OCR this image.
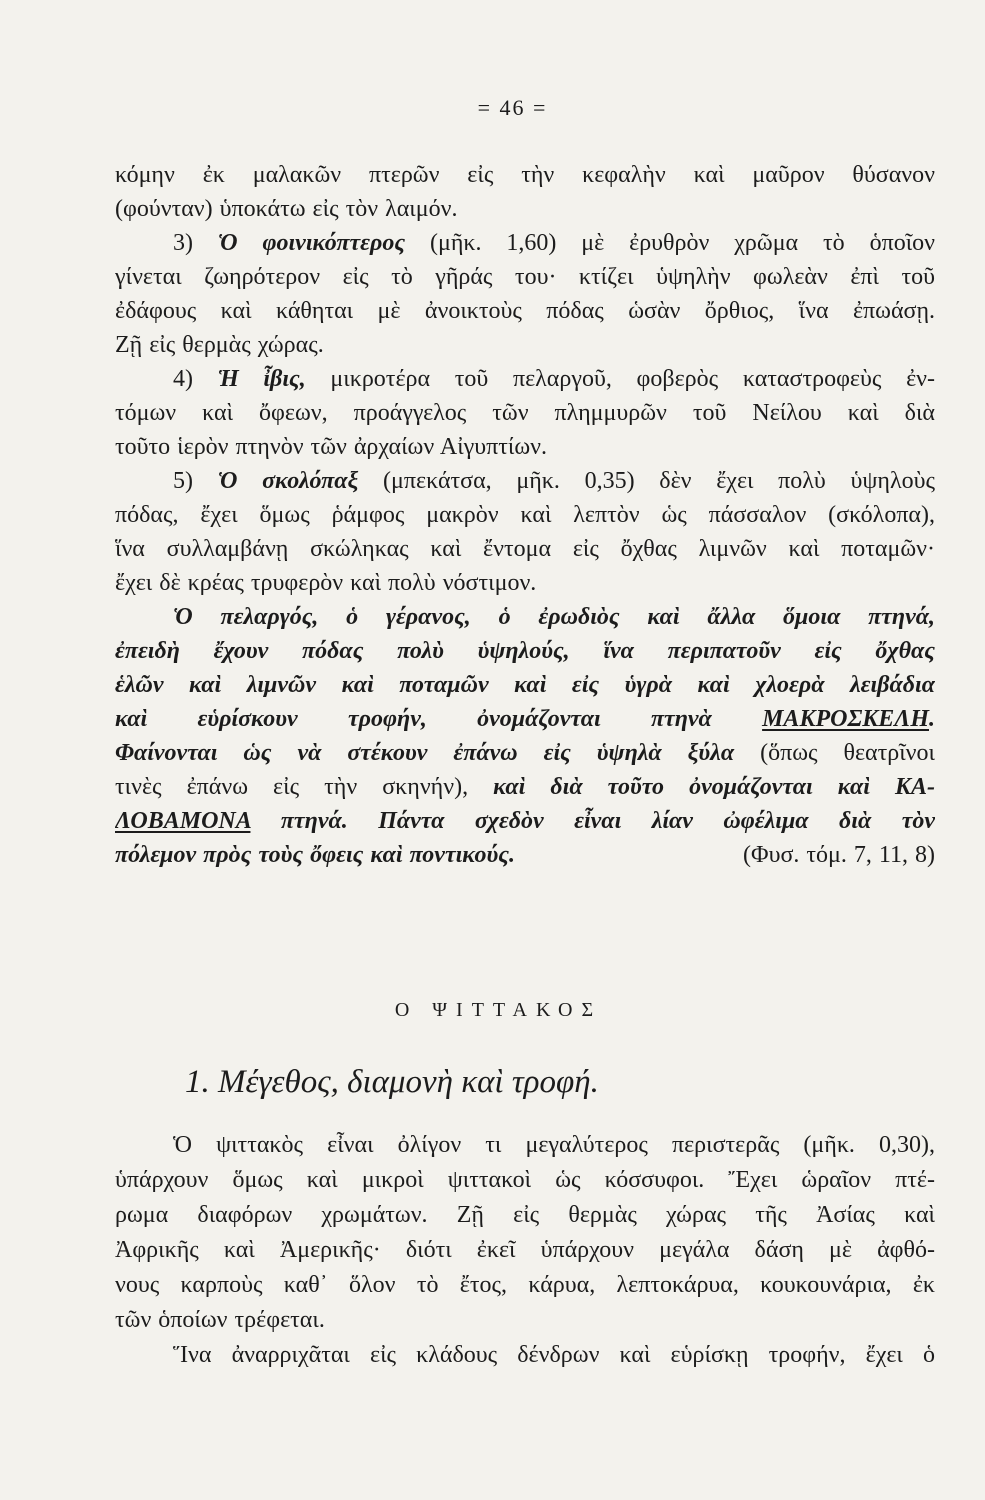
= 46 =
κόμην ἐκ μαλακῶν πτερῶν εἰς τὴν κεφαλὴν καὶ μαῦρον θύσανον
(φούνταν) ὑποκάτω εἰς τὸν λαιμόν.
3) Ὁ φοινικόπτερος (μῆκ. 1,60) μὲ ἐρυθρὸν χρῶμα τὸ ὁποῖον
γίνεται ζωηρότερον εἰς τὸ γῆράς του· κτίζει ὑψηλὴν φωλεὰν ἐπὶ τοῦ
ἐδάφους καὶ κάθηται μὲ ἀνοικτοὺς πόδας ὡσὰν ὄρθιος, ἵνα ἐπωάσῃ.
Ζῇ εἰς θερμὰς χώρας.
4) Ἡ ἶβις, μικροτέρα τοῦ πελαργοῦ, φοβερὸς καταστροφεὺς ἐν-
τόμων καὶ ὄφεων, προάγγελος τῶν πλημμυρῶν τοῦ Νείλου καὶ διὰ
τοῦτο ἱερὸν πτηνὸν τῶν ἀρχαίων Αἰγυπτίων.
5) Ὁ σκολόπαξ (μπεκάτσα, μῆκ. 0,35) δὲν ἔχει πολὺ ὑψηλοὺς
πόδας, ἔχει ὅμως ῥάμφος μακρὸν καὶ λεπτὸν ὡς πάσσαλον (σκόλοπα),
ἵνα συλλαμβάνῃ σκώληκας καὶ ἔντομα εἰς ὄχθας λιμνῶν καὶ ποταμῶν·
ἔχει δὲ κρέας τρυφερὸν καὶ πολὺ νόστιμον.
Ὁ πελαργός, ὁ γέρανος, ὁ ἐρωδιὸς καὶ ἄλλα ὅμοια πτηνά,
ἐπειδὴ ἔχουν πόδας πολὺ ὑψηλούς, ἵνα περιπατοῦν εἰς ὄχθας
ἑλῶν καὶ λιμνῶν καὶ ποταμῶν καὶ εἰς ὑγρὰ καὶ χλοερὰ λειβάδια
καὶ εὑρίσκουν τροφήν, ὀνομάζονται πτηνὰ ΜΑΚΡΟΣΚΕΛΗ.
Φαίνονται ὡς νὰ στέκουν ἐπάνω εἰς ὑψηλὰ ξύλα (ὅπως θεατρῖνοι
τινὲς ἐπάνω εἰς τὴν σκηνήν), καὶ διὰ τοῦτο ὀνομάζονται καὶ ΚΑ-
ΛΟΒΑΜΟΝΑ πτηνά. Πάντα σχεδὸν εἶναι λίαν ὠφέλιμα διὰ τὸν
(Φυσ. τόμ. 7, 11, 8)
πόλεμον πρὸς τοὺς ὄφεις καὶ ποντικούς.
Ο ΨΙΤΤΑΚΟΣ
1. Μέγεθος, διαμονὴ καὶ τροφή.
Ὁ ψιττακὸς εἶναι ὀλίγον τι μεγαλύτερος περιστερᾶς (μῆκ. 0,30),
ὑπάρχουν ὅμως καὶ μικροὶ ψιττακοὶ ὡς κόσσυφοι. Ἔχει ὡραῖον πτέ-
ρωμα διαφόρων χρωμάτων. Ζῇ εἰς θερμὰς χώρας τῆς Ἀσίας καὶ
Ἀφρικῆς καὶ Ἀμερικῆς· διότι ἐκεῖ ὑπάρχουν μεγάλα δάση μὲ ἀφθό-
νους καρποὺς καθ᾿ ὅλον τὸ ἔτος, κάρυα, λεπτοκάρυα, κουκουνάρια, ἐκ
τῶν ὁποίων τρέφεται.
Ἵνα ἀναρριχᾶται εἰς κλάδους δένδρων καὶ εὑρίσκῃ τροφήν, ἔχει ὁ
